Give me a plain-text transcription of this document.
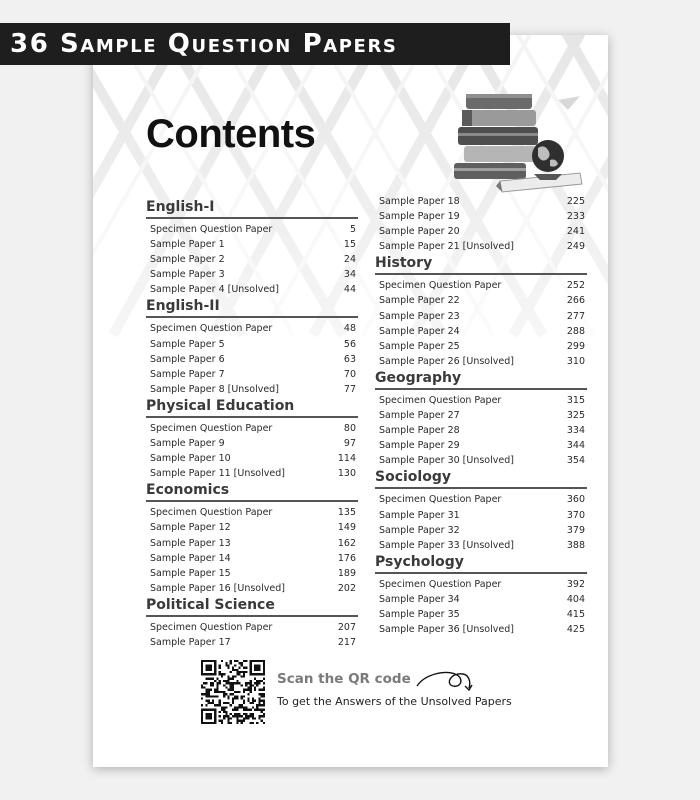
Contents
36 Sample Question Papers
English-I
Specimen Question Paper	5
Sample Paper 1	15
Sample Paper 2	24
Sample Paper 3	34
Sample Paper 4 [Unsolved]	44
English-II
Specimen Question Paper	48
Sample Paper 5	56
Sample Paper 6	63
Sample Paper 7	70
Sample Paper 8 [Unsolved]	77
Physical Education
Specimen Question Paper	80
Sample Paper 9	97
Sample Paper 10	114
Sample Paper 11 [Unsolved]	130
Economics
Specimen Question Paper	135
Sample Paper 12	149
Sample Paper 13	162
Sample Paper 14	176
Sample Paper 15	189
Sample Paper 16 [Unsolved]	202
Political Science
Specimen Question Paper	207
Sample Paper 17	217
Sample Paper 18	225
Sample Paper 19	233
Sample Paper 20	241
Sample Paper 21 [Unsolved]	249
History
Specimen Question Paper	252
Sample Paper 22	266
Sample Paper 23	277
Sample Paper 24	288
Sample Paper 25	299
Sample Paper 26 [Unsolved]	310
Geography
Specimen Question Paper	315
Sample Paper 27	325
Sample Paper 28	334
Sample Paper 29	344
Sample Paper 30 [Unsolved]	354
Sociology
Specimen Question Paper	360
Sample Paper 31	370
Sample Paper 32	379
Sample Paper 33 [Unsolved]	388
Psychology
Specimen Question Paper	392
Sample Paper 34	404
Sample Paper 35	415
Sample Paper 36 [Unsolved]	425
Scan the QR code
To get the Answers of the Unsolved Papers
